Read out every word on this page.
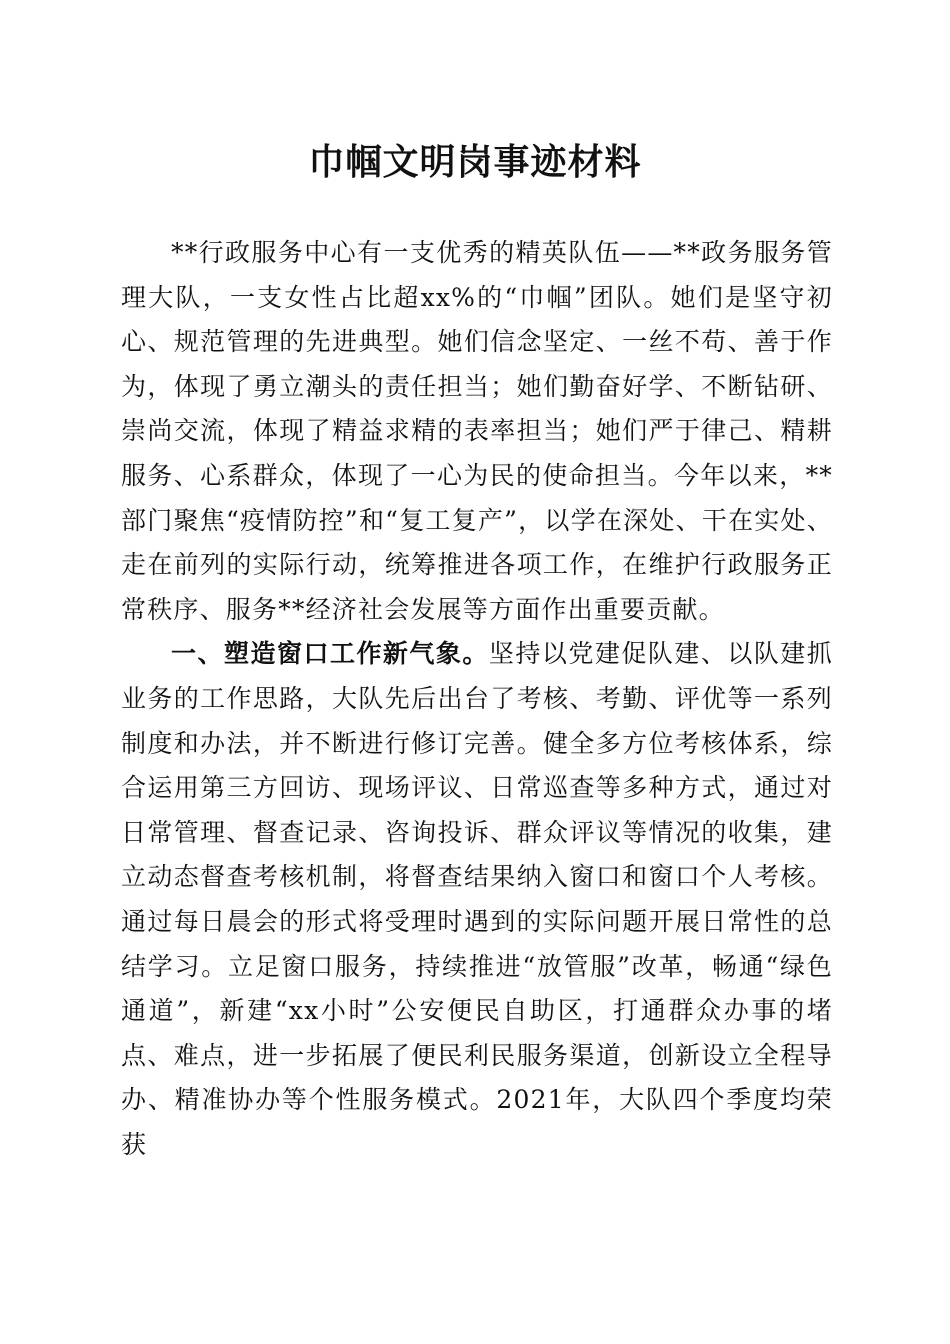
巾帼文明岗事迹材料

**行政服务中心有一支优秀的精英队伍——**政务服务管理大队，一支女性占比超xx%的“巾帼”团队。她们是坚守初心、规范管理的先进典型。她们信念坚定、一丝不苟、善于作为，体现了勇立潮头的责任担当；她们勤奋好学、不断钻研、崇尚交流，体现了精益求精的表率担当；她们严于律己、精耕服务、心系群众，体现了一心为民的使命担当。今年以来，**部门聚焦“疫情防控”和“复工复产”，以学在深处、干在实处、走在前列的实际行动，统筹推进各项工作，在维护行政服务正常秩序、服务**经济社会发展等方面作出重要贡献。

一、塑造窗口工作新气象。坚持以党建促队建、以队建抓业务的工作思路，大队先后出台了考核、考勤、评优等一系列制度和办法，并不断进行修订完善。健全多方位考核体系，综合运用第三方回访、现场评议、日常巡查等多种方式，通过对日常管理、督查记录、咨询投诉、群众评议等情况的收集，建立动态督查考核机制，将督查结果纳入窗口和窗口个人考核。通过每日晨会的形式将受理时遇到的实际问题开展日常性的总结学习。立足窗口服务，持续推进“放管服”改革，畅通“绿色通道”，新建“xx小时”公安便民自助区，打通群众办事的堵点、难点，进一步拓展了便民利民服务渠道，创新设立全程导办、精准协办等个性服务模式。2021年，大队四个季度均荣获
